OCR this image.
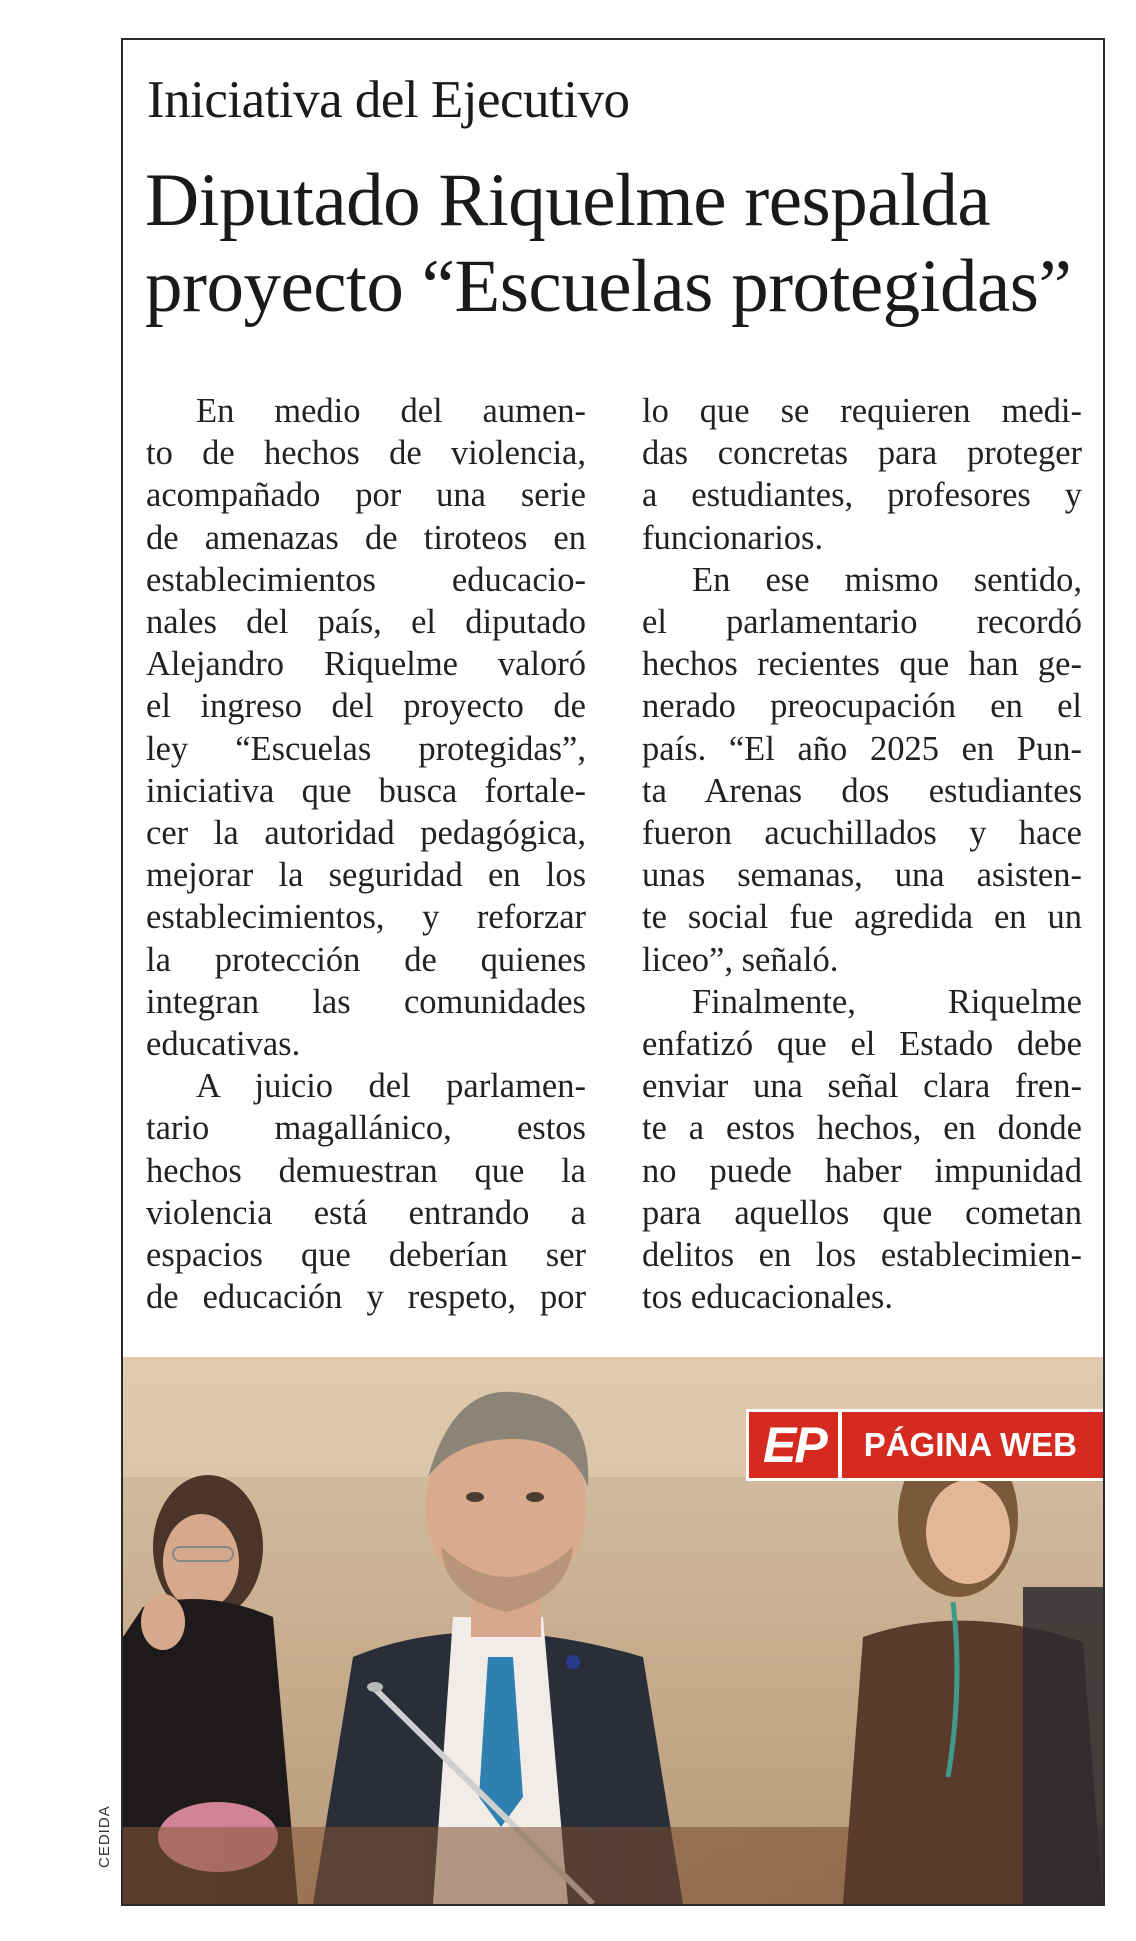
Iniciativa del Ejecutivo
Diputado Riquelme respalda proyecto “Escuelas protegidas”
En medio del aumen-
to de hechos de violencia,
acompañado por una serie
de amenazas de tiroteos en
establecimientos educacio-
nales del país, el diputado
Alejandro Riquelme valoró
el ingreso del proyecto de
ley “Escuelas protegidas”,
iniciativa que busca fortale-
cer la autoridad pedagógica,
mejorar la seguridad en los
establecimientos, y reforzar
la protección de quienes
integran las comunidades
educativas.
A juicio del parlamen-
tario magallánico, estos
hechos demuestran que la
violencia está entrando a
espacios que deberían ser
de educación y respeto, por
lo que se requieren medi-
das concretas para proteger
a estudiantes, profesores y
funcionarios.
En ese mismo sentido,
el parlamentario recordó
hechos recientes que han ge-
nerado preocupación en el
país. “El año 2025 en Pun-
ta Arenas dos estudiantes
fueron acuchillados y hace
unas semanas, una asisten-
te social fue agredida en un
liceo”, señaló.
Finalmente, Riquelme
enfatizó que el Estado debe
enviar una señal clara fren-
te a estos hechos, en donde
no puede haber impunidad
para aquellos que cometan
delitos en los establecimien-
tos educacionales.
EP	PÁGINA WEB
CEDIDA
